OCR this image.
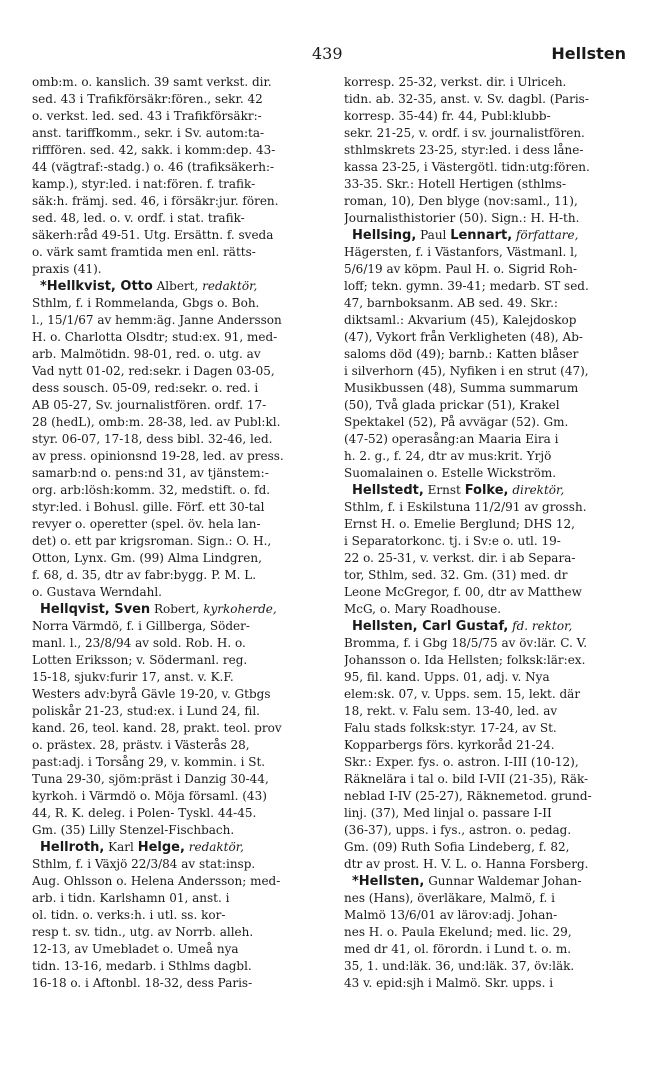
439	Hellsten
omb:m. o. kanslich. 39 samt verkst. dir.
sed. 43 i Trafikförsäkr:fören., sekr. 42
o. verkst. led. sed. 43 i Trafikförsäkr:-
anst. tariffkomm., sekr. i Sv. autom:ta-
rifffören. sed. 42, sakk. i komm:dep. 43-
44 (vägtraf:-stadg.) o. 46 (trafiksäkerh:-
kamp.), styr:led. i nat:fören. f. trafik-
säk:h. främj. sed. 46, i försäkr:jur. fören.
sed. 48, led. o. v. ordf. i stat. trafik-
säkerh:råd 49-51. Utg. Ersättn. f. sveda
o. värk samt framtida men enl. rätts-
praxis (41).
*Hellkvist, Otto Albert, redaktör,
Sthlm, f. i Rommelanda, Gbgs o. Boh.
l., 15/1/67 av hemm:äg. Janne Andersson
H. o. Charlotta Olsdtr; stud:ex. 91, med-
arb. Malmötidn. 98-01, red. o. utg. av
Vad nytt 01-02, red:sekr. i Dagen 03-05,
dess sousch. 05-09, red:sekr. o. red. i
AB 05-27, Sv. journalistfören. ordf. 17-
28 (hedL), omb:m. 28-38, led. av Publ:kl.
styr. 06-07, 17-18, dess bibl. 32-46, led.
av press. opinionsnd 19-28, led. av press.
samarb:nd o. pens:nd 31, av tjänstem:-
org. arb:lösh:komm. 32, medstift. o. fd.
styr:led. i Bohusl. gille. Förf. ett 30-tal
revyer o. operetter (spel. öv. hela lan-
det) o. ett par krigsroman. Sign.: O. H.,
Otton, Lynx. Gm. (99) Alma Lindgren,
f. 68, d. 35, dtr av fabr:bygg. P. M. L.
o. Gustava Werndahl.
Hellqvist, Sven Robert, kyrkoherde,
Norra Värmdö, f. i Gillberga, Söder-
manl. l., 23/8/94 av sold. Rob. H. o.
Lotten Eriksson; v. Södermanl. reg.
15-18, sjukv:furir 17, anst. v. K.F.
Westers adv:byrå Gävle 19-20, v. Gtbgs
poliskår 21-23, stud:ex. i Lund 24, fil.
kand. 26, teol. kand. 28, prakt. teol. prov
o. prästex. 28, prästv. i Västerås 28,
past:adj. i Torsång 29, v. kommin. i St.
Tuna 29-30, sjöm:präst i Danzig 30-44,
kyrkoh. i Värmdö o. Möja församl. (43)
44, R. K. deleg. i Polen- Tyskl. 44-45.
Gm. (35) Lilly Stenzel-Fischbach.
Hellroth, Karl Helge, redaktör,
Sthlm, f. i Växjö 22/3/84 av stat:insp.
Aug. Ohlsson o. Helena Andersson; med-
arb. i tidn. Karlshamn 01, anst. i
ol. tidn. o. verks:h. i utl. ss. kor-
resp t. sv. tidn., utg. av Norrb. alleh.
12-13, av Umebladet o. Umeå nya
tidn. 13-16, medarb. i Sthlms dagbl.
16-18 o. i Aftonbl. 18-32, dess Paris-
korresp. 25-32, verkst. dir. i Ulriceh.
tidn. ab. 32-35, anst. v. Sv. dagbl. (Paris-
korresp. 35-44) fr. 44, Publ:klubb-
sekr. 21-25, v. ordf. i sv. journalistfören.
sthlmskrets 23-25, styr:led. i dess låne-
kassa 23-25, i Västergötl. tidn:utg:fören.
33-35. Skr.: Hotell Hertigen (sthlms-
roman, 10), Den blyge (nov:saml., 11),
Journalisthistorier (50). Sign.: H. H-th.
Hellsing, Paul Lennart, författare,
Hägersten, f. i Västanfors, Västmanl. l,
5/6/19 av köpm. Paul H. o. Sigrid Roh-
loff; tekn. gymn. 39-41; medarb. ST sed.
47, barnboksanm. AB sed. 49. Skr.:
diktsaml.: Akvarium (45), Kalejdoskop
(47), Vykort från Verkligheten (48), Ab-
saloms död (49); barnb.: Katten blåser
i silverhorn (45), Nyfiken i en strut (47),
Musikbussen (48), Summa summarum
(50), Två glada prickar (51), Krakel
Spektakel (52), På avvägar (52). Gm.
(47-52) operasång:an Maaria Eira i
h. 2. g., f. 24, dtr av mus:krit. Yrjö
Suomalainen o. Estelle Wickström.
Hellstedt, Ernst Folke, direktör,
Sthlm, f. i Eskilstuna 11/2/91 av grossh.
Ernst H. o. Emelie Berglund; DHS 12,
i Separatorkonc. tj. i Sv:e o. utl. 19-
22 o. 25-31, v. verkst. dir. i ab Separa-
tor, Sthlm, sed. 32. Gm. (31) med. dr
Leone McGregor, f. 00, dtr av Matthew
McG, o. Mary Roadhouse.
Hellsten, Carl Gustaf, fd. rektor,
Bromma, f. i Gbg 18/5/75 av öv:lär. C. V.
Johansson o. Ida Hellsten; folksk:lär:ex.
95, fil. kand. Upps. 01, adj. v. Nya
elem:sk. 07, v. Upps. sem. 15, lekt. där
18, rekt. v. Falu sem. 13-40, led. av
Falu stads folksk:styr. 17-24, av St.
Kopparbergs förs. kyrkoråd 21-24.
Skr.: Exper. fys. o. astron. I-III (10-12),
Räknelära i tal o. bild I-VII (21-35), Räk-
neblad I-IV (25-27), Räknemetod. grund-
linj. (37), Med linjal o. passare I-II
(36-37), upps. i fys., astron. o. pedag.
Gm. (09) Ruth Sofia Lindeberg, f. 82,
dtr av prost. H. V. L. o. Hanna Forsberg.
*Hellsten, Gunnar Waldemar Johan-
nes (Hans), överläkare, Malmö, f. i
Malmö 13/6/01 av lärov:adj. Johan-
nes H. o. Paula Ekelund; med. lic. 29,
med dr 41, ol. förordn. i Lund t. o. m.
35, 1. und:läk. 36, und:läk. 37, öv:läk.
43 v. epid:sjh i Malmö. Skr. upps. i
